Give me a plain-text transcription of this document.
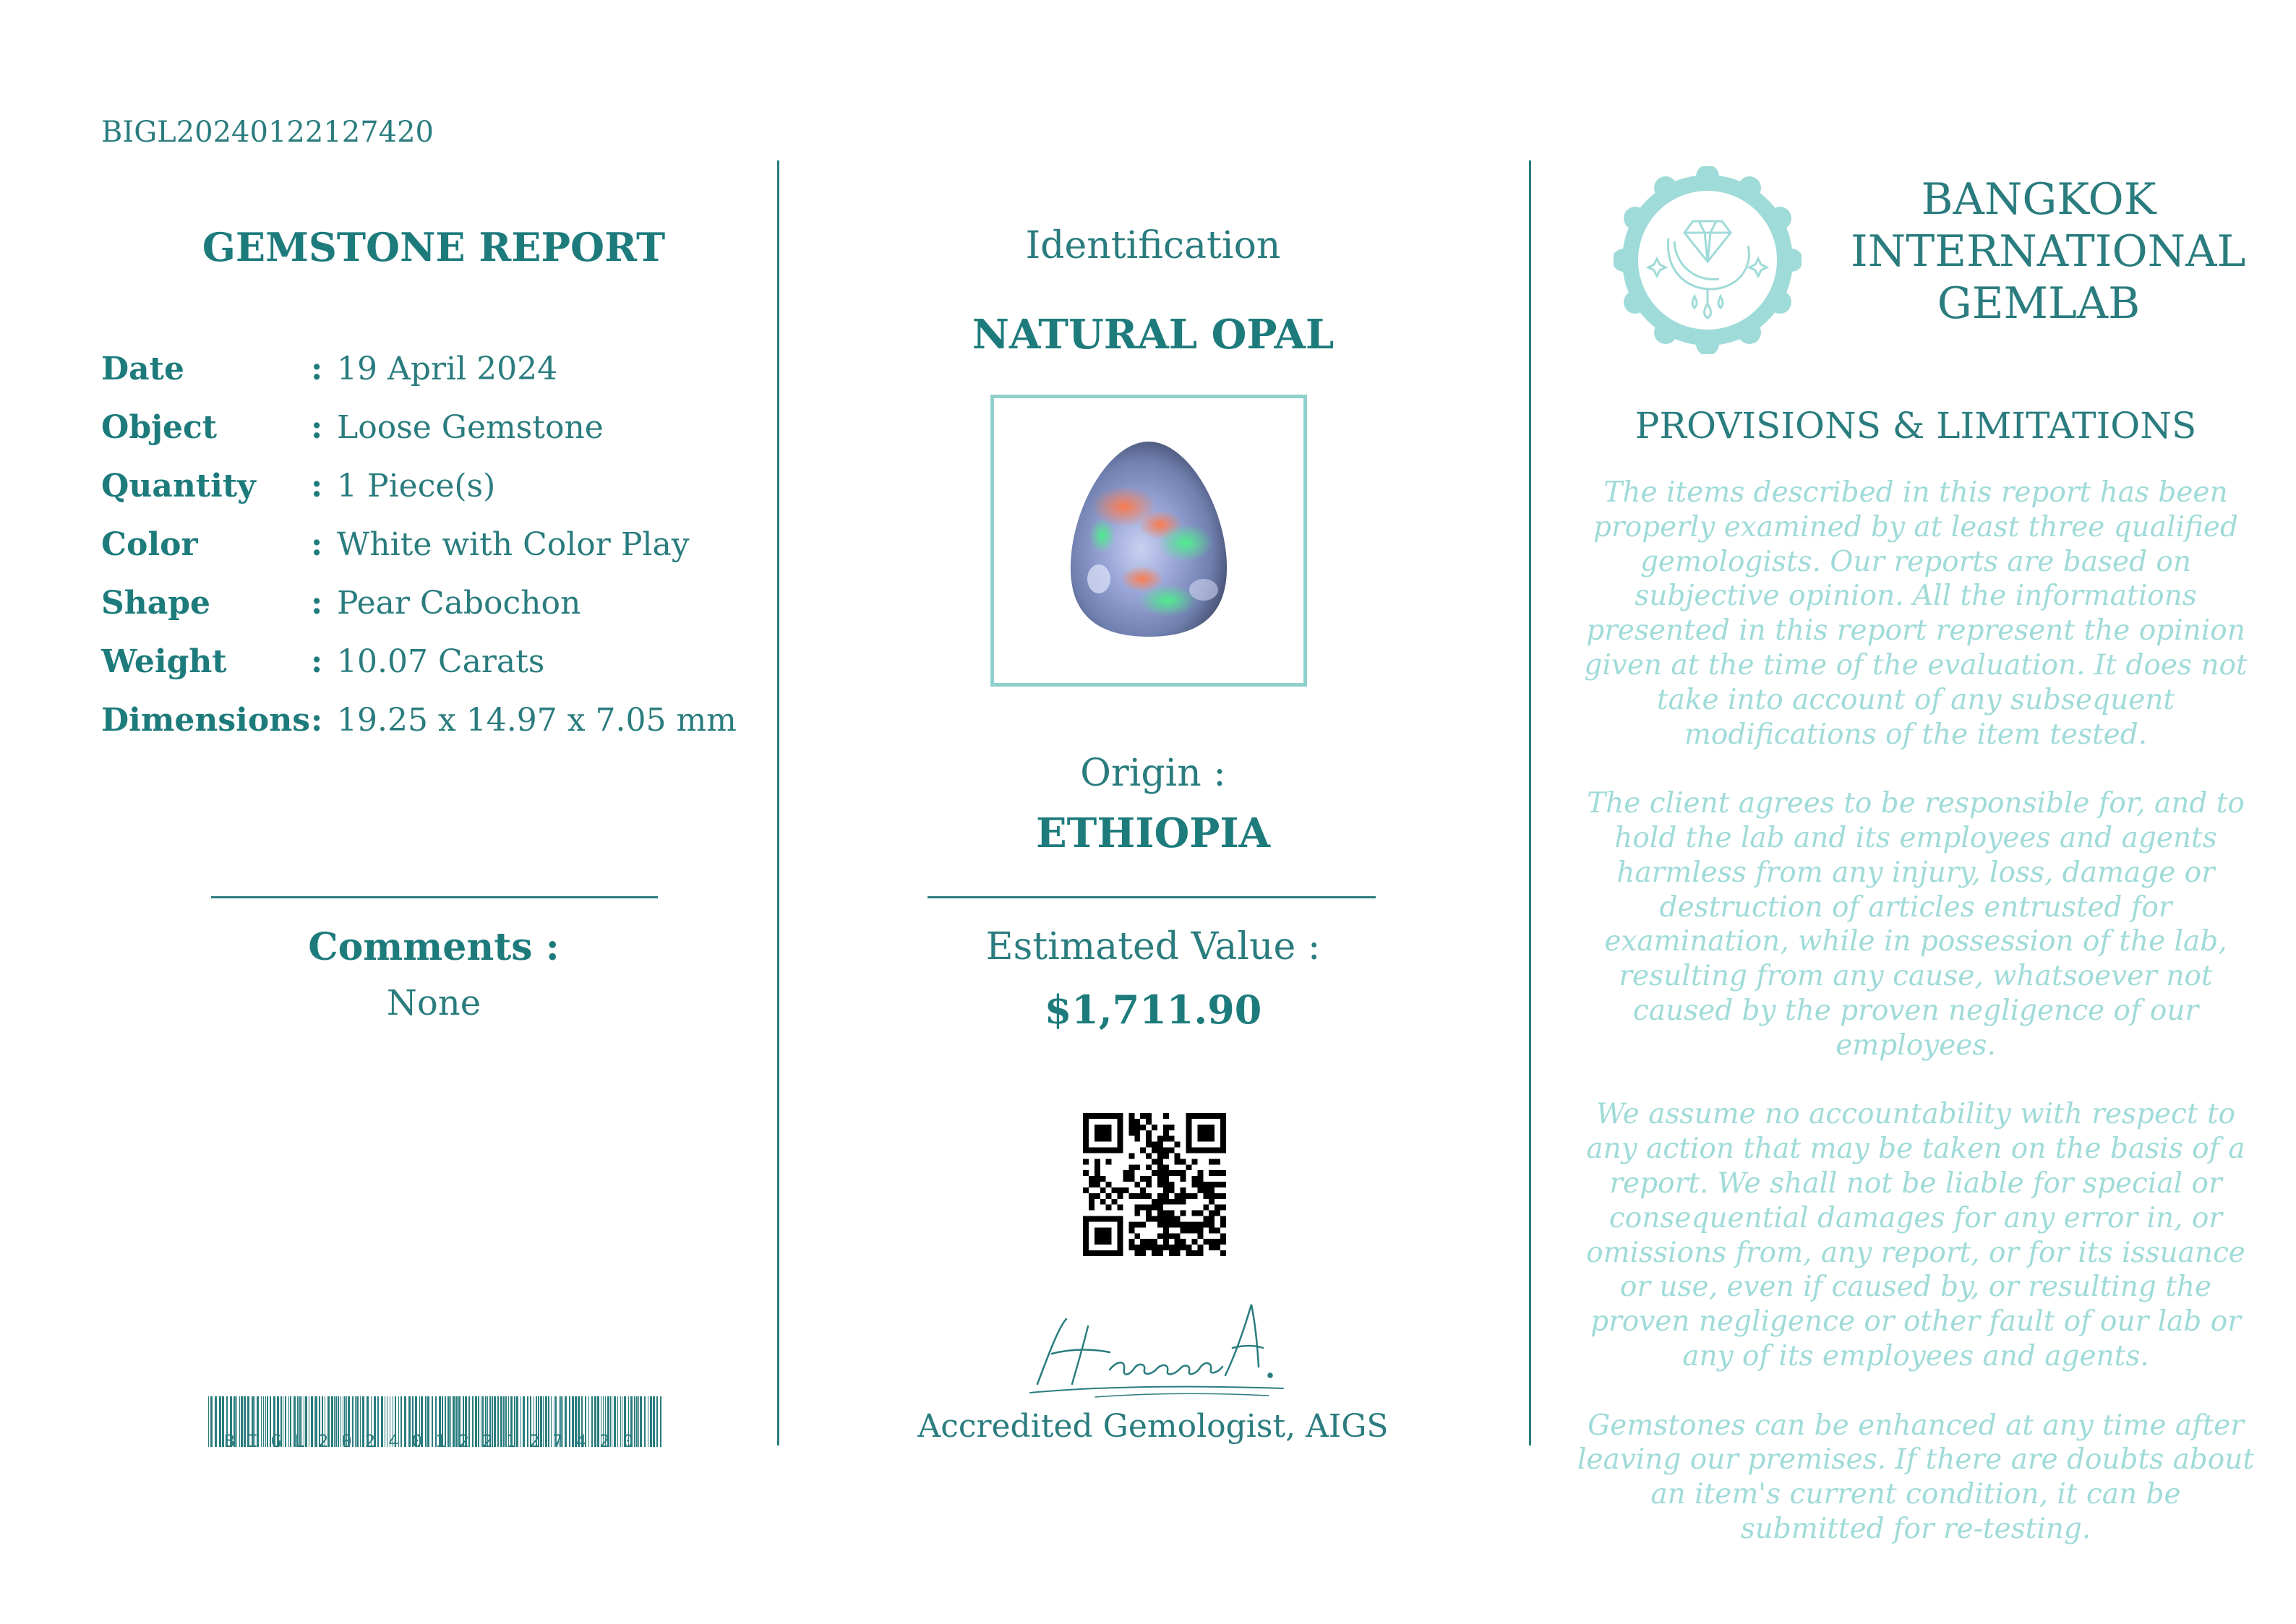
BIGL20240122127420
GEMSTONE REPORT
Date	: 19 April 2024
Object	: Loose Gemstone
Quantity	: 1 Piece(s)
Color	: White with Color Play
Shape	: Pear Cabochon
Weight	: 10.07 Carats
Dimensions : 19.25 x 14.97 x 7.05 mm
Comments :
None
BIGL20240122127420
Identification
NATURAL OPAL
Origin :
ETHIOPIA
Estimated Value :
$1,711.90
Accredited Gemologist, AIGS
BANGKOK
INTERNATIONAL
GEMLAB
PROVISIONS & LIMITATIONS

The items described in this report has been properly examined by at least three qualified gemologists. Our reports are based on subjective opinion. All the informations presented in this report represent the opinion given at the time of the evaluation. It does not take into account of any subsequent modifications of the item tested.

The client agrees to be responsible for, and to hold the lab and its employees and agents harmless from any injury, loss, damage or destruction of articles entrusted for examination, while in possession of the lab, resulting from any cause, whatsoever not caused by the proven negligence of our employees.

We assume no accountability with respect to any action that may be taken on the basis of a report. We shall not be liable for special or consequential damages for any error in, or omissions from, any report, or for its issuance or use, even if caused by, or resulting the proven negligence or other fault of our lab or any of its employees and agents.

Gemstones can be enhanced at any time after leaving our premises. If there are doubts about an item's current condition, it can be submitted for re-testing.
